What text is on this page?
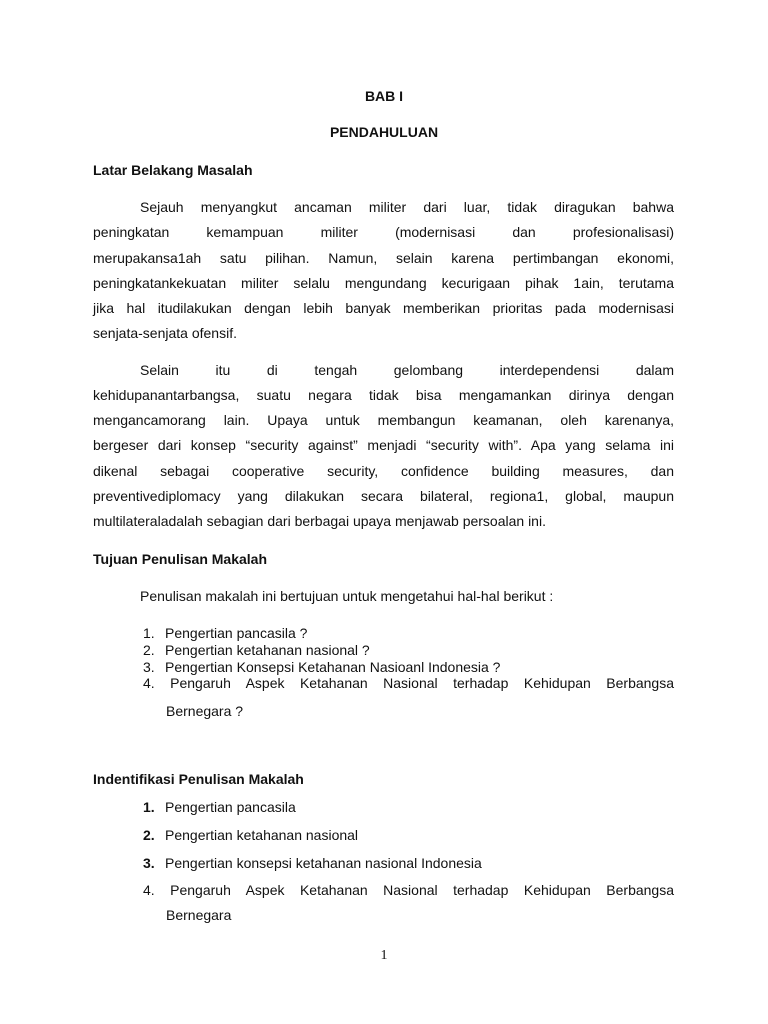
BAB I
PENDAHULUAN
Latar Belakang Masalah
Sejauh menyangkut ancaman militer dari luar, tidak diragukan bahwa
peningkatan kemampuan militer (modernisasi dan profesionalisasi)
merupakansa1ah satu pilihan. Namun, selain karena pertimbangan ekonomi,
peningkatankekuatan militer selalu mengundang kecurigaan pihak 1ain, terutama
jika hal itudilakukan dengan lebih banyak memberikan prioritas pada modernisasi
senjata-senjata ofensif.
Selain itu di tengah gelombang interdependensi dalam
kehidupanantarbangsa, suatu negara tidak bisa mengamankan dirinya dengan
mengancamorang lain. Upaya untuk membangun keamanan, oleh karenanya,
bergeser dari konsep “security against” menjadi “security with”. Apa yang selama ini
dikenal sebagai cooperative security, confidence building measures, dan
preventivediplomacy yang dilakukan secara bilateral, regiona1, global, maupun
multilateraladalah sebagian dari berbagai upaya menjawab persoalan ini.
Tujuan Penulisan Makalah
Penulisan makalah ini bertujuan untuk mengetahui hal-hal berikut :
1. Pengertian pancasila ?
2. Pengertian ketahanan nasional ?
3. Pengertian Konsepsi Ketahanan Nasioanl Indonesia ?
4. Pengaruh Aspek Ketahanan Nasional terhadap Kehidupan Berbangsa
Bernegara ?
Indentifikasi Penulisan Makalah
1. Pengertian pancasila
2. Pengertian ketahanan nasional
3. Pengertian konsepsi ketahanan nasional Indonesia
4. Pengaruh Aspek Ketahanan Nasional terhadap Kehidupan Berbangsa
Bernegara
1
